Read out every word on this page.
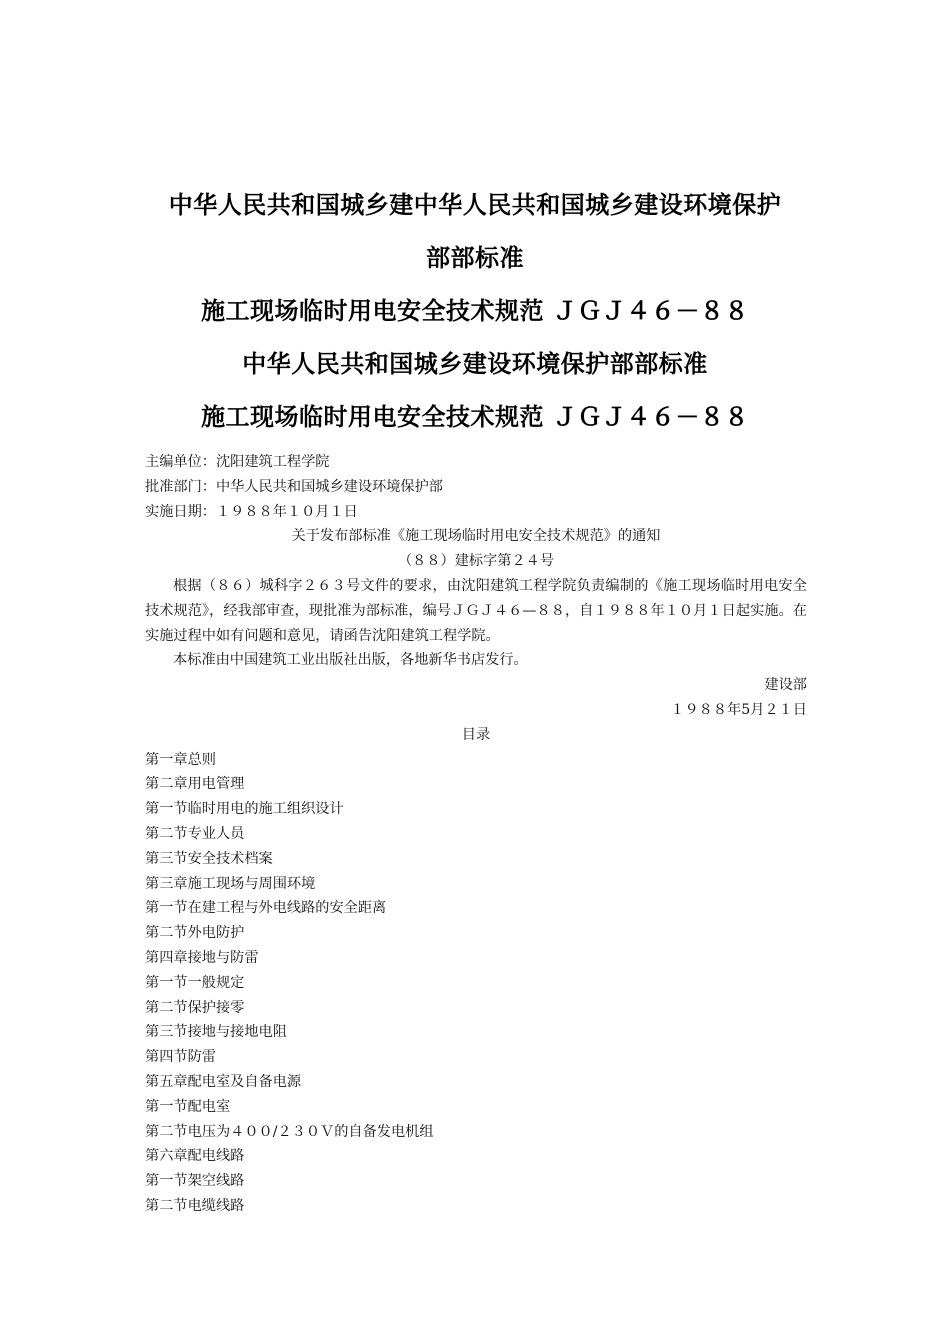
中华人民共和国城乡建中华人民共和国城乡建设环境保护
部部标准
施工现场临时用电安全技术规范 ＪＧＪ４６－８８
中华人民共和国城乡建设环境保护部部标准
施工现场临时用电安全技术规范 ＪＧＪ４６－８８
主编单位：沈阳建筑工程学院
批准部门：中华人民共和国城乡建设环境保护部
实施日期：１９８８年１０月１日
关于发布部标准《施工现场临时用电安全技术规范》的通知
（８８）建标字第２４号
根据（８６）城科字２６３号文件的要求，由沈阳建筑工程学院负责编制的《施工现场临时用电安全技术规范》，经我部审查，现批准为部标准，编号ＪＧＪ４６—８８，自１９８８年１０月１日起实施。在实施过程中如有问题和意见，请函告沈阳建筑工程学院。
本标准由中国建筑工业出版社出版，各地新华书店发行。
建设部
１９８８年5月２１日
目录
第一章总则
第二章用电管理
第一节临时用电的施工组织设计
第二节专业人员
第三节安全技术档案
第三章施工现场与周围环境
第一节在建工程与外电线路的安全距离
第二节外电防护
第四章接地与防雷
第一节一般规定
第二节保护接零
第三节接地与接地电阻
第四节防雷
第五章配电室及自备电源
第一节配电室
第二节电压为４００/２３０Ｖ的自备发电机组
第六章配电线路
第一节架空线路
第二节电缆线路
